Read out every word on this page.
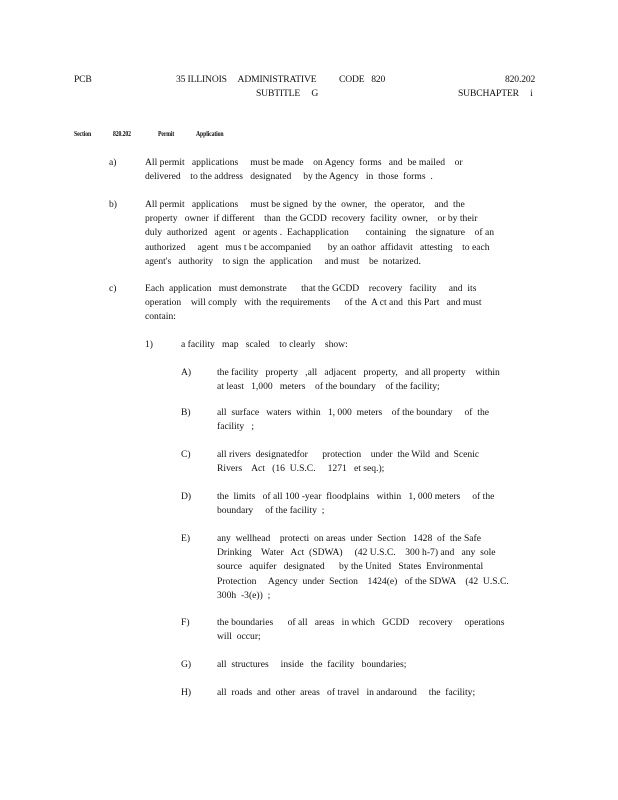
PCB	35 ILLINOIS     ADMINISTRATIVE          CODE   820
SUBTITLE     G
820.202
SUBCHAPTER     i
Section	820.202	Permit	Application
a)	All permit   applications     must be made    on Agency  forms   and  be mailed    or
delivered    to the address   designated     by the Agency   in  those  forms  .
b)	All permit   applications     must be signed  by the  owner,   the  operator,    and  the
property   owner  if different    than  the GCDD  recovery  facility  owner,    or by their
duly  authorized   agent   or agents .  Eachapplication       containing    the signature    of an
authorized     agent   mus t be accompanied       by an oathor  affidavit   attesting    to each
agent's   authority    to sign  the  application     and must    be  notarized.
c)	Each  application   must demonstrate      that the GCDD    recovery   facility     and  its
operation    will comply   with  the requirements      of the  A ct and  this Part   and must
contain:
1)	a facility   map   scaled    to clearly    show:
A)	the facility   property   ,all   adjacent   property,   and all property    within
at least   1,000   meters    of the boundary    of the facility;
B)	all  surface   waters  within   1, 000  meters    of the boundary     of  the
facility   ;
C)	all rivers  designatedfor      protection    under  the Wild  and  Scenic
Rivers    Act   (16  U.S.C.     1271   et seq.);
D)	the  limits   of all 100 -year  floodplains   within   1, 000 meters     of the
boundary     of the facility  ;
E)	any  wellhead    protecti  on areas  under  Section   1428  of  the Safe
Drinking    Water   Act  (SDWA)     (42 U.S.C.    300 h-7) and   any  sole
source   aquifer   designated      by the United   States  Environmental
Protection     Agency  under  Section    1424(e)   of the SDWA    (42  U.S.C.
300h  -3(e))  ;
F)	the boundaries      of all   areas   in which   GCDD    recovery     operations
will  occur;
G)	all  structures     inside   the  facility   boundaries;
H)	all  roads  and  other  areas   of travel   in andaround     the  facility;
